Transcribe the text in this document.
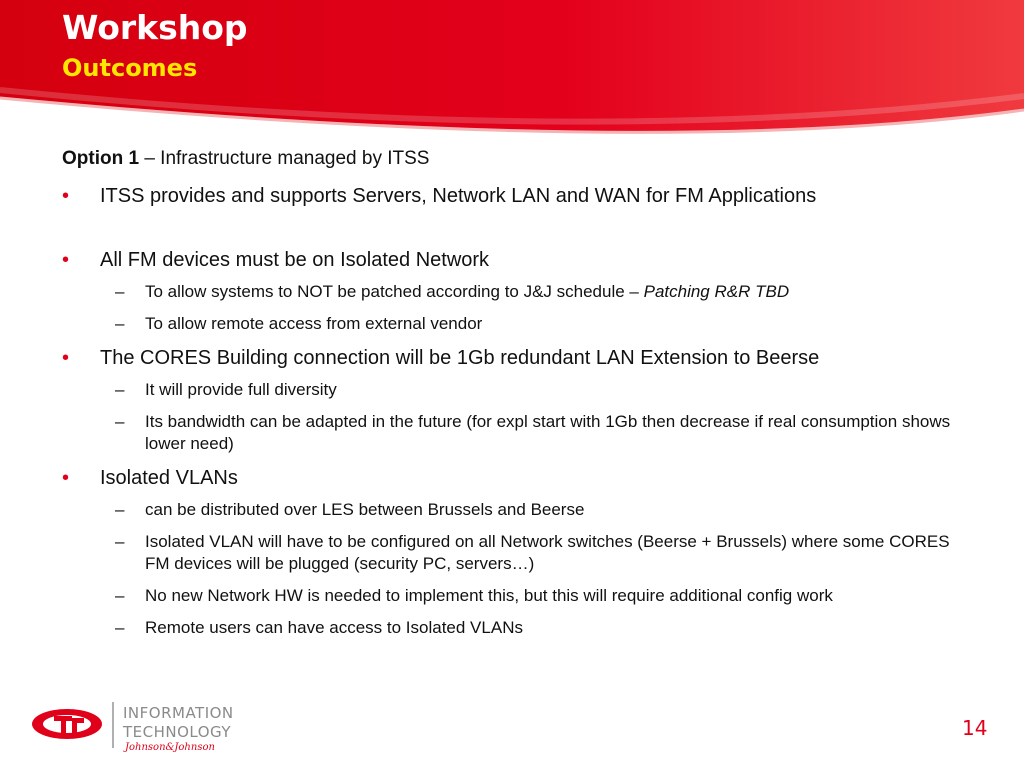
Workshop
Outcomes
Option 1 – Infrastructure managed by ITSS
•	ITSS provides and supports Servers, Network LAN and WAN for FM Applications
•	All FM devices must be on Isolated Network
–	To allow systems to NOT be patched according to J&J schedule – Patching R&R TBD
–	To allow remote access from external vendor
•	The CORES Building connection will be 1Gb redundant LAN Extension to Beerse
–	It will provide full diversity
–	Its bandwidth can be adapted in the future (for expl start with 1Gb then decrease if real consumption shows lower need)
•	Isolated VLANs
–	can be distributed over LES between Brussels and Beerse
–	Isolated VLAN will have to be configured on all Network switches (Beerse + Brussels) where some CORES FM devices will be plugged (security PC, servers…)
–	No new Network HW is needed to implement this, but this will require additional config work
–	Remote users can have access to Isolated VLANs
INFORMATION
TECHNOLOGY
Johnson&Johnson
14
